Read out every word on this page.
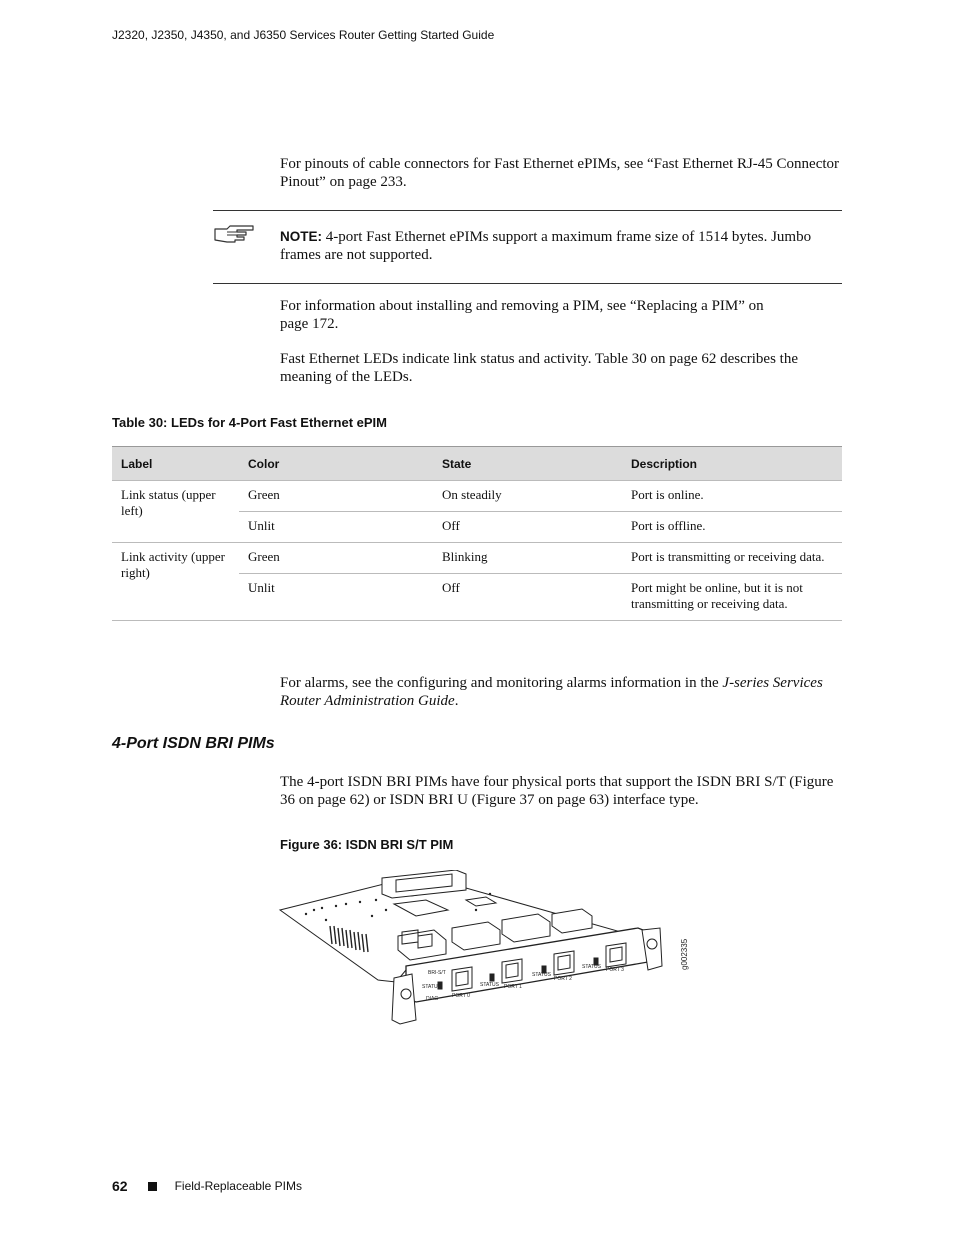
J2320, J2350, J4350, and J6350 Services Router Getting Started Guide
For pinouts of cable connectors for Fast Ethernet ePIMs, see “Fast Ethernet RJ-45 Connector Pinout” on page 233.
NOTE: 4-port Fast Ethernet ePIMs support a maximum frame size of 1514 bytes. Jumbo frames are not supported.
For information about installing and removing a PIM, see “Replacing a PIM” on page 172.
Fast Ethernet LEDs indicate link status and activity. Table 30 on page 62 describes the meaning of the LEDs.
Table 30: LEDs for 4-Port Fast Ethernet ePIM
Label	Color	State	Description
Link status (upper left)	Green	On steadily	Port is online.
	Unlit	Off	Port is offline.
Link activity (upper right)	Green	Blinking	Port is transmitting or receiving data.
	Unlit	Off	Port might be online, but it is not transmitting or receiving data.
For alarms, see the configuring and monitoring alarms information in the J-series Services Router Administration Guide.
4-Port ISDN BRI PIMs
The 4-port ISDN BRI PIMs have four physical ports that support the ISDN BRI S/T (Figure 36 on page 62) or ISDN BRI U (Figure 37 on page 63) interface type.
Figure 36: ISDN BRI S/T PIM
BRI-S/T
STATUS
DIAG	PORT 0
STATUS PORT 1
STATUS
PORT 2
STATUS PORT 3	g002335
62	Field-Replaceable PIMs
